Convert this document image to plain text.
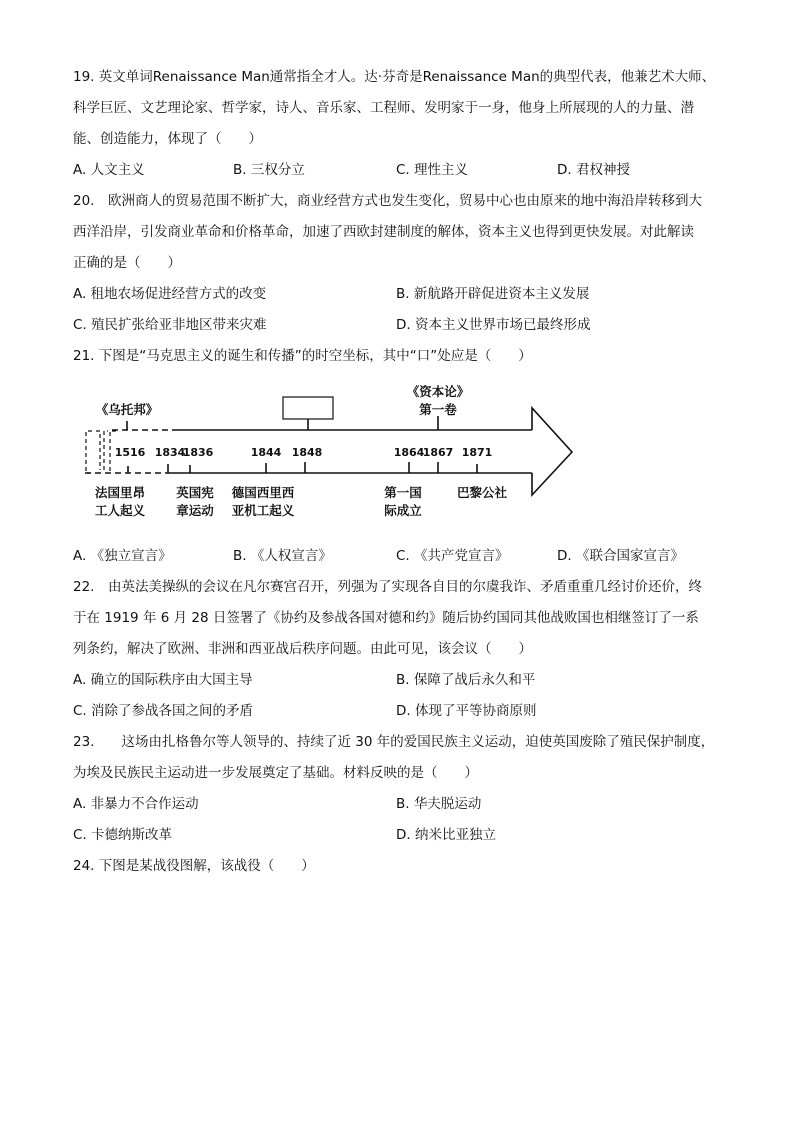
19. 英文单词Renaissance Man通常指全才人。达·芬奇是Renaissance Man的典型代表，他兼艺术大师、
科学巨匠、文艺理论家、哲学家，诗人、音乐家、工程师、发明家于一身，他身上所展现的人的力量、潜
能、创造能力，体现了（　　）
A. 人文主义	B. 三权分立	C. 理性主义	D. 君权神授
20.　欧洲商人的贸易范围不断扩大，商业经营方式也发生变化，贸易中心也由原来的地中海沿岸转移到大
西洋沿岸，引发商业革命和价格革命，加速了西欧封建制度的解体，资本主义也得到更快发展。对此解读
正确的是（　　）
A. 租地农场促进经营方式的改变	B. 新航路开辟促进资本主义发展
C. 殖民扩张给亚非地区带来灾难	D. 资本主义世界市场已最终形成
21. 下图是“马克思主义的诞生和传播”的时空坐标，其中“口”处应是（　　）
《乌托邦》
《资本论》
第一卷
1516 1834
1836	1844 1848	1864
1867 1871
法国里昂
工人起义
英国宪
章运动
德国西里西
亚机工起义
第一国
际成立
巴黎公社
A. 《独立宣言》	B. 《人权宣言》	C. 《共产党宣言》	D. 《联合国家宣言》
22.　由英法美操纵的会议在凡尔赛宫召开，列强为了实现各自目的尔虞我诈、矛盾重重几经讨价还价，终
于在 1919 年 6 月 28 日签署了《协约及参战各国对德和约》随后协约国同其他战败国也相继签订了一系
列条约，解决了欧洲、非洲和西亚战后秩序问题。由此可见，该会议（　　）
A. 确立的国际秩序由大国主导	B. 保障了战后永久和平
C. 消除了参战各国之间的矛盾	D. 体现了平等协商原则
23.　　这场由扎格鲁尔等人领导的、持续了近 30 年的爱国民族主义运动，迫使英国废除了殖民保护制度，
为埃及民族民主运动进一步发展奠定了基础。材料反映的是（　　）
A. 非暴力不合作运动	B. 华夫脱运动
C. 卡德纳斯改革	D. 纳米比亚独立
24. 下图是某战役图解，该战役（　　）
